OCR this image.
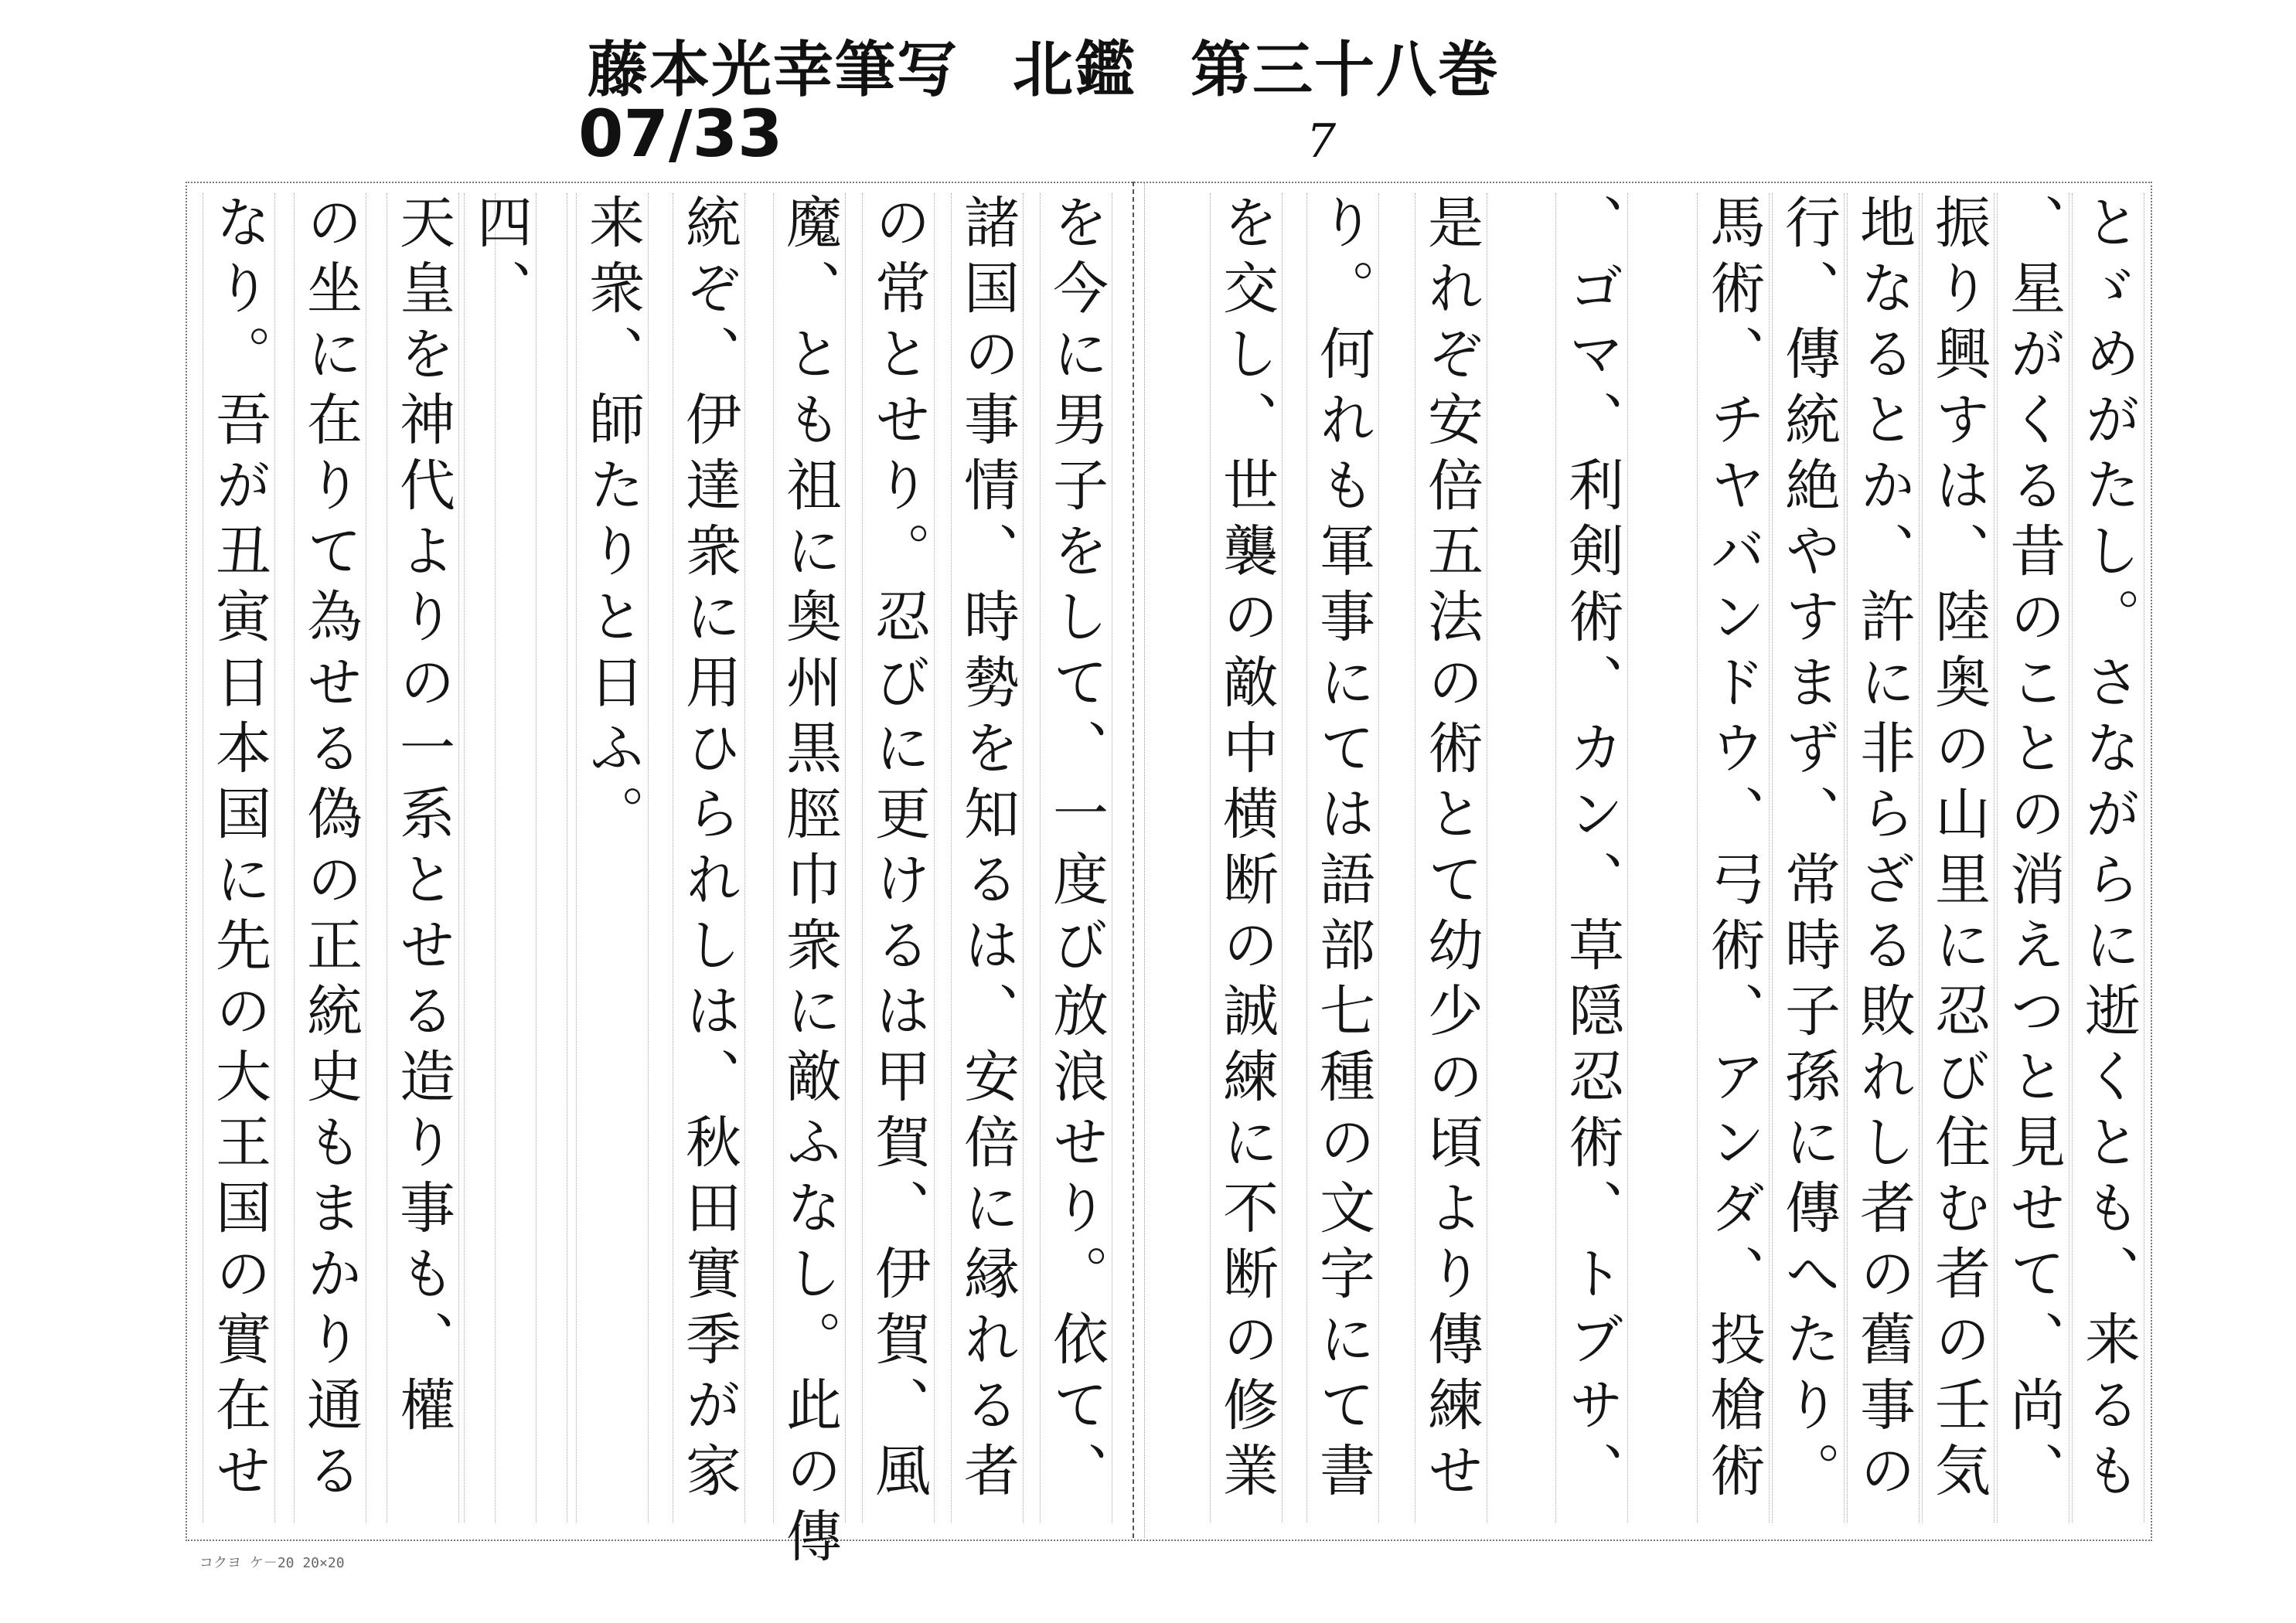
藤本光幸筆写 北鑑 第三十八巻
07/33	7
とゞめがたし。さながらに逝くとも、来るも
、星がくる昔のことの消えつと見せて、尚、
振り興すは、陸奥の山里に忍び住む者の壬気
地なるとか、許に非らざる敗れし者の舊事の
行、傳統絶やすまず、常時子孫に傳へたり。
馬術、チヤバンドウ、弓術、アンダ、投槍術
、ゴマ、利剣術、カン、草隠忍術、トブサ、
是れぞ安倍五法の術とて幼少の頃より傳練せ
り。何れも軍事にては語部七種の文字にて書
を交し、世襲の敵中横断の誠練に不断の修業
を今に男子をして、一度び放浪せり。依て、
諸国の事情、時勢を知るは、安倍に縁れる者
の常とせり。忍びに更けるは甲賀、伊賀、風
魔、とも祖に奥州黒脛巾衆に敵ふなし。此の傳
統ぞ、伊達衆に用ひられしは、秋田實季が家
来衆、師たりと日ふ。
四、
天皇を神代よりの一系とせる造り事も、權
の坐に在りて為せる偽の正統史もまかり通る
なり。吾が丑寅日本国に先の大王国の實在せ
コクヨ ケ－20 20×20
